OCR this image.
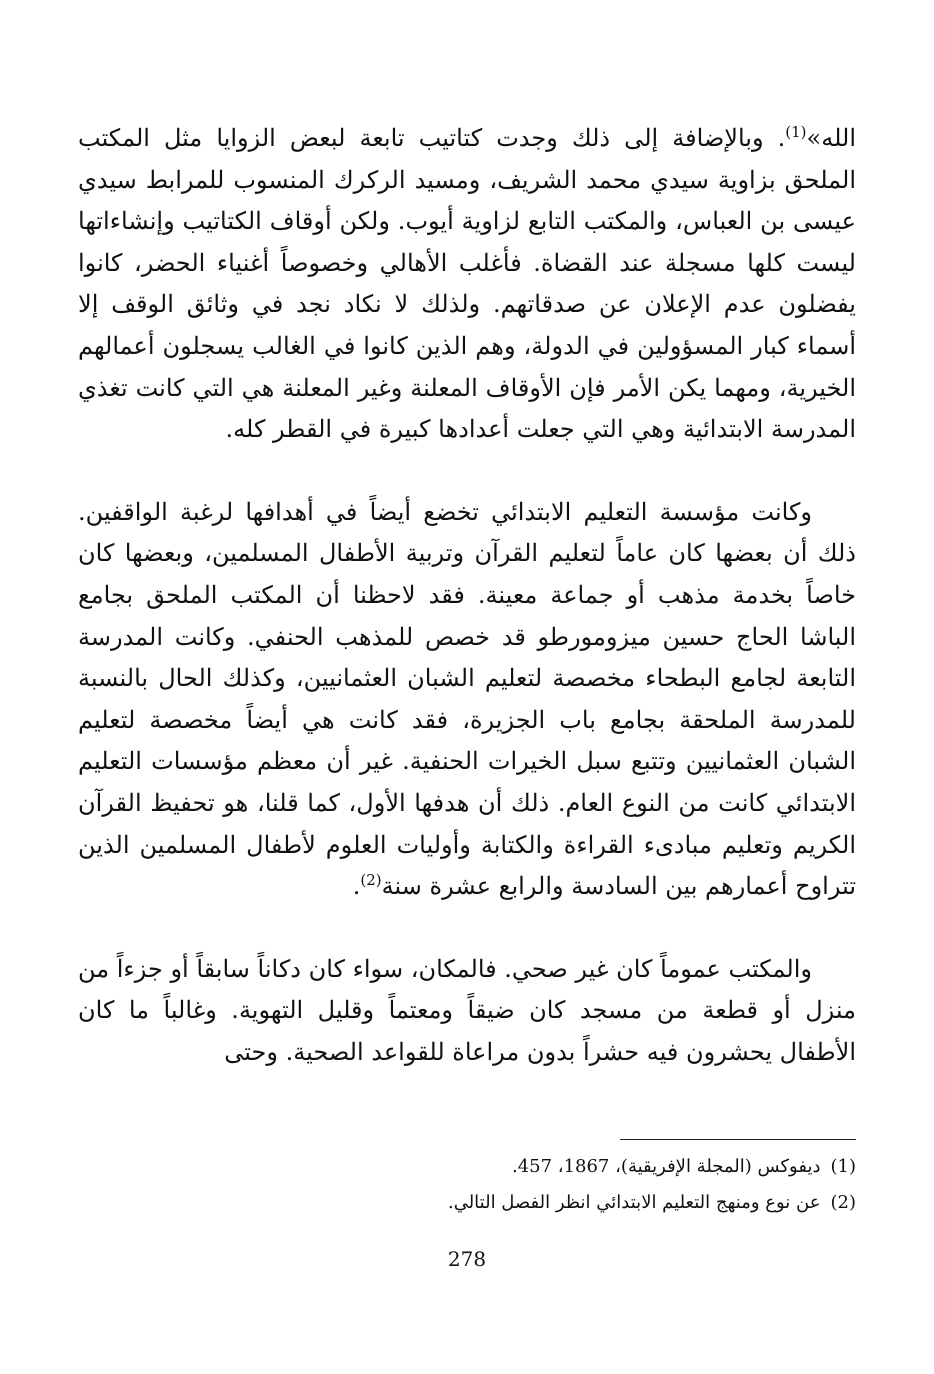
الله»$^{(1)}$. وبالإضافة إلى ذلك وجدت كتاتيب تابعة لبعض الزوايا مثل المكتب الملحق بزاوية سيدي محمد الشريف، ومسيد الركرك المنسوب للمرابط سيدي عيسى بن العباس، والمكتب التابع لزاوية أيوب. ولكن أوقاف الكتاتيب وإنشاءاتها ليست كلها مسجلة عند القضاة. فأغلب الأهالي وخصوصاً أغنياء الحضر، كانوا يفضلون عدم الإعلان عن صدقاتهم. ولذلك لا نكاد نجد في وثائق الوقف إلا أسماء كبار المسؤولين في الدولة، وهم الذين كانوا في الغالب يسجلون أعمالهم الخيرية، ومهما يكن الأمر فإن الأوقاف المعلنة وغير المعلنة هي التي كانت تغذي المدرسة الابتدائية وهي التي جعلت أعدادها كبيرة في القطر كله.

وكانت مؤسسة التعليم الابتدائي تخضع أيضاً في أهدافها لرغبة الواقفين. ذلك أن بعضها كان عاماً لتعليم القرآن وتربية الأطفال المسلمين، وبعضها كان خاصاً بخدمة مذهب أو جماعة معينة. فقد لاحظنا أن المكتب الملحق بجامع الباشا الحاج حسين ميزومورطو قد خصص للمذهب الحنفي. وكانت المدرسة التابعة لجامع البطحاء مخصصة لتعليم الشبان العثمانيين، وكذلك الحال بالنسبة للمدرسة الملحقة بجامع باب الجزيرة، فقد كانت هي أيضاً مخصصة لتعليم الشبان العثمانيين وتتبع سبل الخيرات الحنفية. غير أن معظم مؤسسات التعليم الابتدائي كانت من النوع العام. ذلك أن هدفها الأول، كما قلنا، هو تحفيظ القرآن الكريم وتعليم مبادىء القراءة والكتابة وأوليات العلوم لأطفال المسلمين الذين تتراوح أعمارهم بين السادسة والرابع عشرة سنة$^{(2)}$.

والمكتب عموماً كان غير صحي. فالمكان، سواء كان دكاناً سابقاً أو جزءاً من منزل أو قطعة من مسجد كان ضيقاً ومعتماً وقليل التهوية. وغالباً ما كان الأطفال يحشرون فيه حشراً بدون مراعاة للقواعد الصحية. وحتى

(1)
ديفوكس (المجلة الإفريقية)، 1867، 457.
(2)
عن نوع ومنهج التعليم الابتدائي انظر الفصل التالي.
278
